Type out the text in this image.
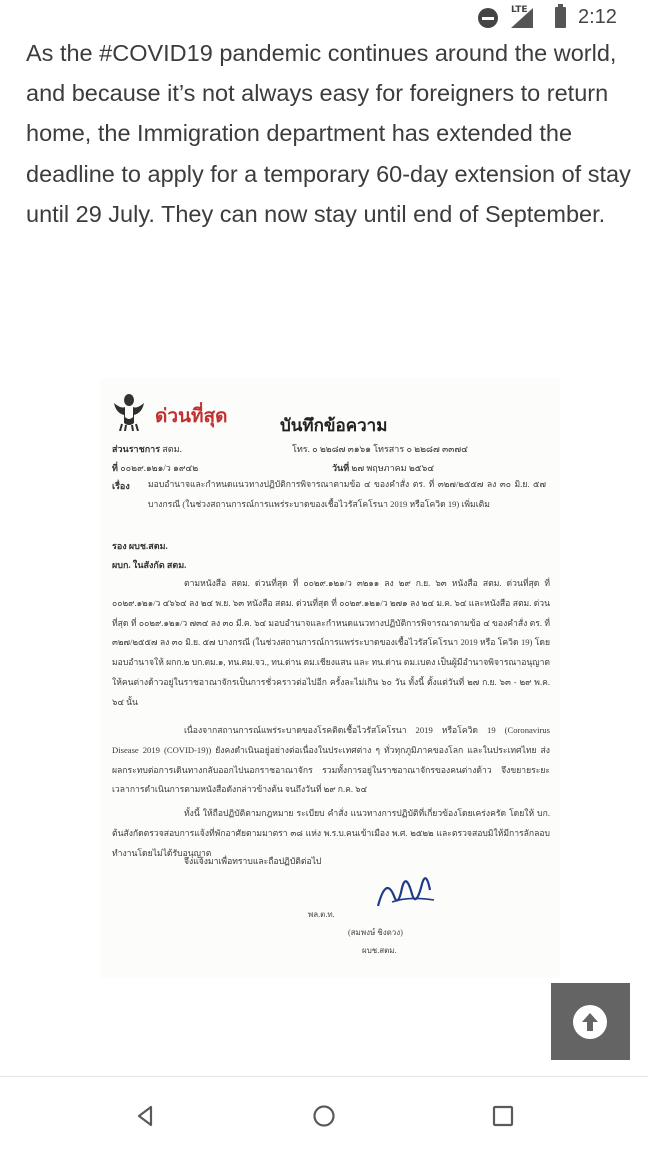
LTE	2:12

As the #COVID19 pandemic continues around the world, and because it’s not always easy for foreigners to return home, the Immigration department has extended the deadline to apply for a temporary 60-day extension of stay until 29 July. They can now stay until end of September.

ด่วนที่สุด	บันทึกข้อความ
ส่วนราชการ สตม.	โทร. ๐ ๒๒๘๗ ๓๑๖๑ โทรสาร ๐ ๒๒๘๗ ๓๓๗๔
ที่ ๐๐๒๙.๑๒๑/ว ๑๙๔๒	วันที่ ๒๗ พฤษภาคม ๒๕๖๔
เรื่อง มอบอำนาจและกำหนดแนวทางปฏิบัติการพิจารณาตามข้อ ๔ ของคำสั่ง ตร. ที่ ๓๒๗/๒๕๕๗ ลง ๓๐ มิ.ย. ๕๗ บางกรณี (ในช่วงสถานการณ์การแพร่ระบาดของเชื้อไวรัสโคโรนา 2019 หรือโควิด 19) เพิ่มเติม

รอง ผบช.สตม.
ผบก. ในสังกัด สตม.

ตามหนังสือ สตม. ด่วนที่สุด ที่ ๐๐๒๙.๑๒๑/ว ๓๒๑๑ ลง ๒๙ ก.ย. ๖๓ หนังสือ สตม. ด่วนที่สุด ที่ ๐๐๒๙.๑๒๑/ว ๔๖๖๔ ลง ๒๔ พ.ย. ๖๓ หนังสือ สตม. ด่วนที่สุด ที่ ๐๐๒๙.๑๒๑/ว ๒๗๑ ลง ๒๔ ม.ค. ๖๔ และหนังสือ สตม. ด่วนที่สุด ที่ ๐๐๒๙.๑๒๑/ว ๗๓๔ ลง ๓๐ มี.ค. ๖๔ มอบอำนาจและกำหนดแนวทางปฏิบัติการพิจารณาตามข้อ ๔ ของคำสั่ง ตร. ที่ ๓๒๗/๒๕๕๗ ลง ๓๐ มิ.ย. ๕๗ บางกรณี (ในช่วงสถานการณ์การแพร่ระบาดของเชื้อไวรัสโคโรนา 2019 หรือ โควิด 19) โดยมอบอำนาจให้ ผกก.๒ บก.ตม.๑, ทน.ตม.จว., ทน.ด่าน ตม.เชียงแสน และ ทน.ด่าน ตม.เบตง เป็นผู้มีอำนาจพิจารณาอนุญาตให้คนต่างด้าวอยู่ในราชอาณาจักรเป็นการชั่วคราวต่อไปอีก ครั้งละไม่เกิน ๖๐ วัน ทั้งนี้ ตั้งแต่วันที่ ๒๗ ก.ย. ๖๓ - ๒๙ พ.ค. ๖๔ นั้น

เนื่องจากสถานการณ์แพร่ระบาดของโรคติดเชื้อไวรัสโคโรนา 2019 หรือโควิด 19 (Coronavirus Disease 2019 (COVID-19)) ยังคงดำเนินอยู่อย่างต่อเนื่องในประเทศต่าง ๆ ทั่วทุกภูมิภาคของโลก และในประเทศไทย ส่งผลกระทบต่อการเดินทางกลับออกไปนอกราชอาณาจักร รวมทั้งการอยู่ในราชอาณาจักรของคนต่างด้าว จึงขยายระยะเวลาการดำเนินการตามหนังสือดังกล่าวข้างต้น จนถึงวันที่ ๒๙ ก.ค. ๖๔

ทั้งนี้ ให้ถือปฏิบัติตามกฎหมาย ระเบียบ คำสั่ง แนวทางการปฏิบัติที่เกี่ยวข้องโดยเคร่งครัด โดยให้ บก. ต้นสังกัดตรวจสอบการแจ้งที่พักอาศัยตามมาตรา ๓๘ แห่ง พ.ร.บ.คนเข้าเมือง พ.ศ. ๒๕๒๒ และตรวจสอบมิให้มีการลักลอบทำงานโดยไม่ได้รับอนุญาต

จึงแจ้งมาเพื่อทราบและถือปฏิบัติต่อไป
พล.ต.ท.
(สมพงษ์ ชิงดวง)
ผบช.สตม.
